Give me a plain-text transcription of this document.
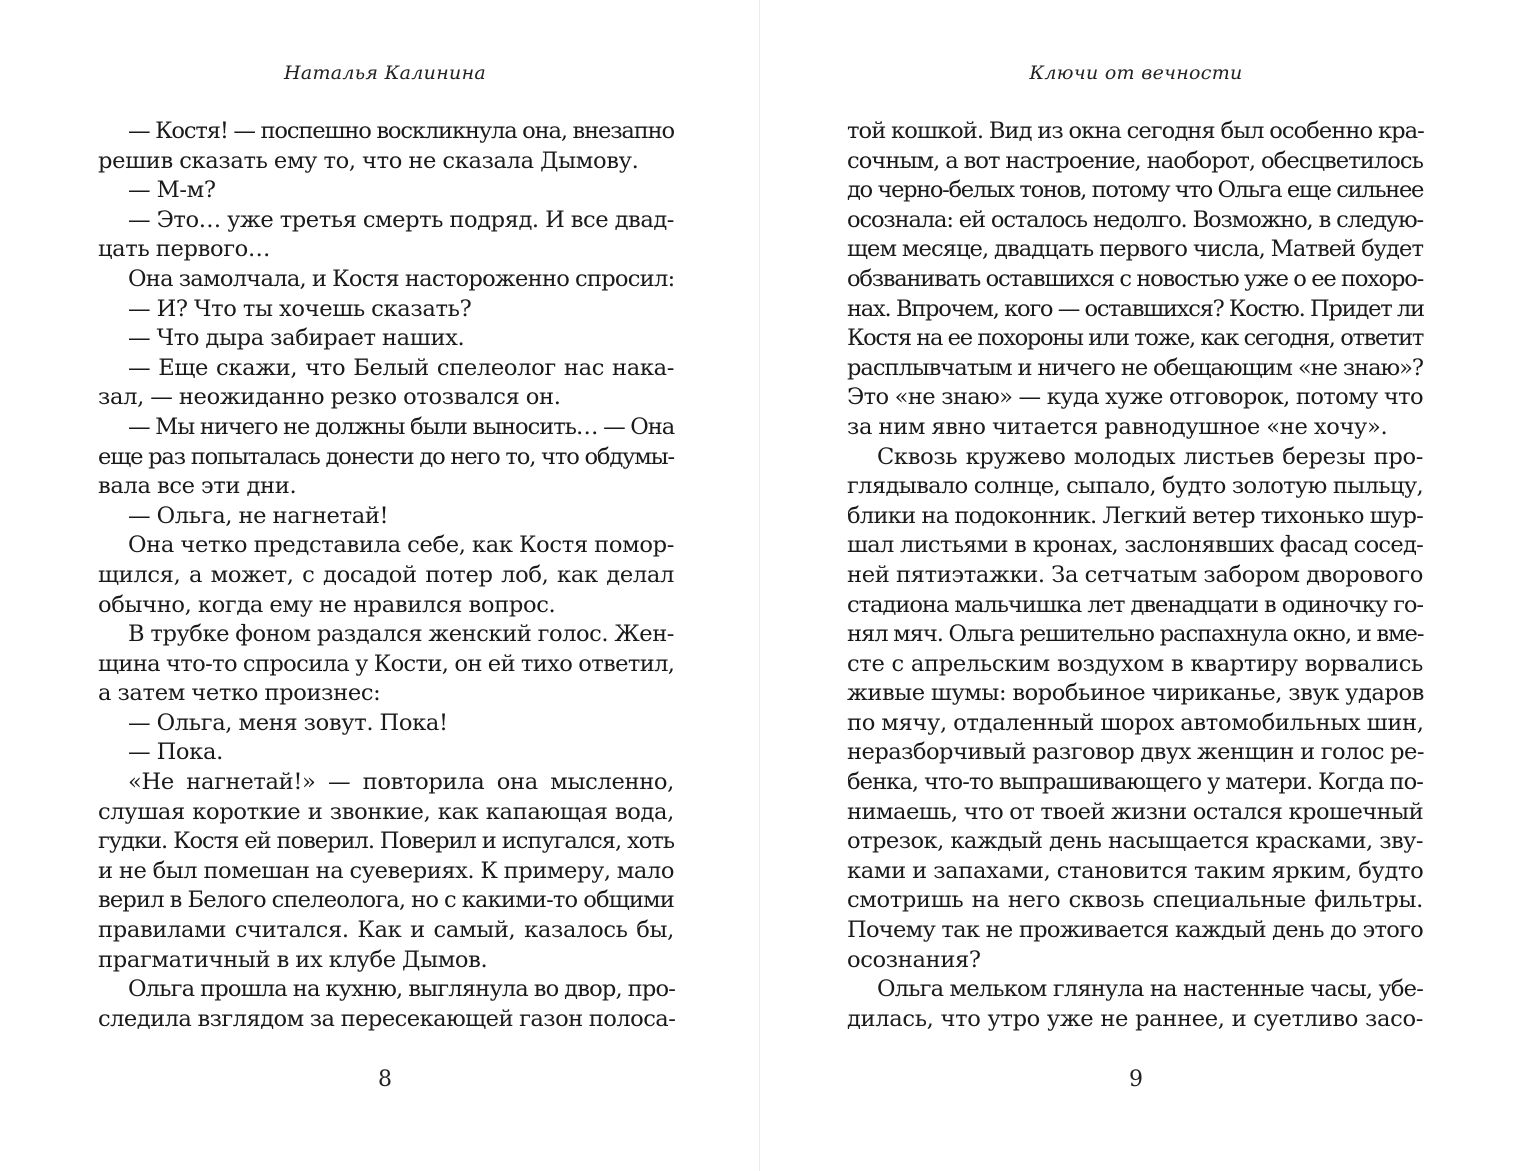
Наталья Калинина
— Костя! — поспешно воскликнула она, внезапно
решив сказать ему то, что не сказала Дымову.
— М-м?
— Это… уже третья смерть подряд. И все двад-
цать первого…
Она замолчала, и Костя настороженно спросил:
— И? Что ты хочешь сказать?
— Что дыра забирает наших.
— Еще скажи, что Белый спелеолог нас нака-
зал, — неожиданно резко отозвался он.
— Мы ничего не должны были выносить… — Она
еще раз попыталась донести до него то, что обдумы-
вала все эти дни.
— Ольга, не нагнетай!
Она четко представила себе, как Костя помор-
щился, а может, с досадой потер лоб, как делал
обычно, когда ему не нравился вопрос.
В трубке фоном раздался женский голос. Жен-
щина что-то спросила у Кости, он ей тихо ответил,
а затем четко произнес:
— Ольга, меня зовут. Пока!
— Пока.
«Не нагнетай!» — повторила она мысленно,
слушая короткие и звонкие, как капающая вода,
гудки. Костя ей поверил. Поверил и испугался, хоть
и не был помешан на суевериях. К примеру, мало
верил в Белого спелеолога, но с какими-то общими
правилами считался. Как и самый, казалось бы,
прагматичный в их клубе Дымов.
Ольга прошла на кухню, выглянула во двор, про-
следила взглядом за пересекающей газон полоса-
8
Ключи от вечности
той кошкой. Вид из окна сегодня был особенно кра-
сочным, а вот настроение, наоборот, обесцветилось
до черно-белых тонов, потому что Ольга еще сильнее
осознала: ей осталось недолго. Возможно, в следую-
щем месяце, двадцать первого числа, Матвей будет
обзванивать оставшихся с новостью уже о ее похоро-
нах. Впрочем, кого — оставшихся? Костю. Придет ли
Костя на ее похороны или тоже, как сегодня, ответит
расплывчатым и ничего не обещающим «не знаю»?
Это «не знаю» — куда хуже отговорок, потому что
за ним явно читается равнодушное «не хочу».
Сквозь кружево молодых листьев березы про-
глядывало солнце, сыпало, будто золотую пыльцу,
блики на подоконник. Легкий ветер тихонько шур-
шал листьями в кронах, заслонявших фасад сосед-
ней пятиэтажки. За сетчатым забором дворового
стадиона мальчишка лет двенадцати в одиночку го-
нял мяч. Ольга решительно распахнула окно, и вме-
сте с апрельским воздухом в квартиру ворвались
живые шумы: воробьиное чириканье, звук ударов
по мячу, отдаленный шорох автомобильных шин,
неразборчивый разговор двух женщин и голос ре-
бенка, что-то выпрашивающего у матери. Когда по-
нимаешь, что от твоей жизни остался крошечный
отрезок, каждый день насыщается красками, зву-
ками и запахами, становится таким ярким, будто
смотришь на него сквозь специальные фильтры.
Почему так не проживается каждый день до этого
осознания?
Ольга мельком глянула на настенные часы, убе-
дилась, что утро уже не раннее, и суетливо засо-
9
